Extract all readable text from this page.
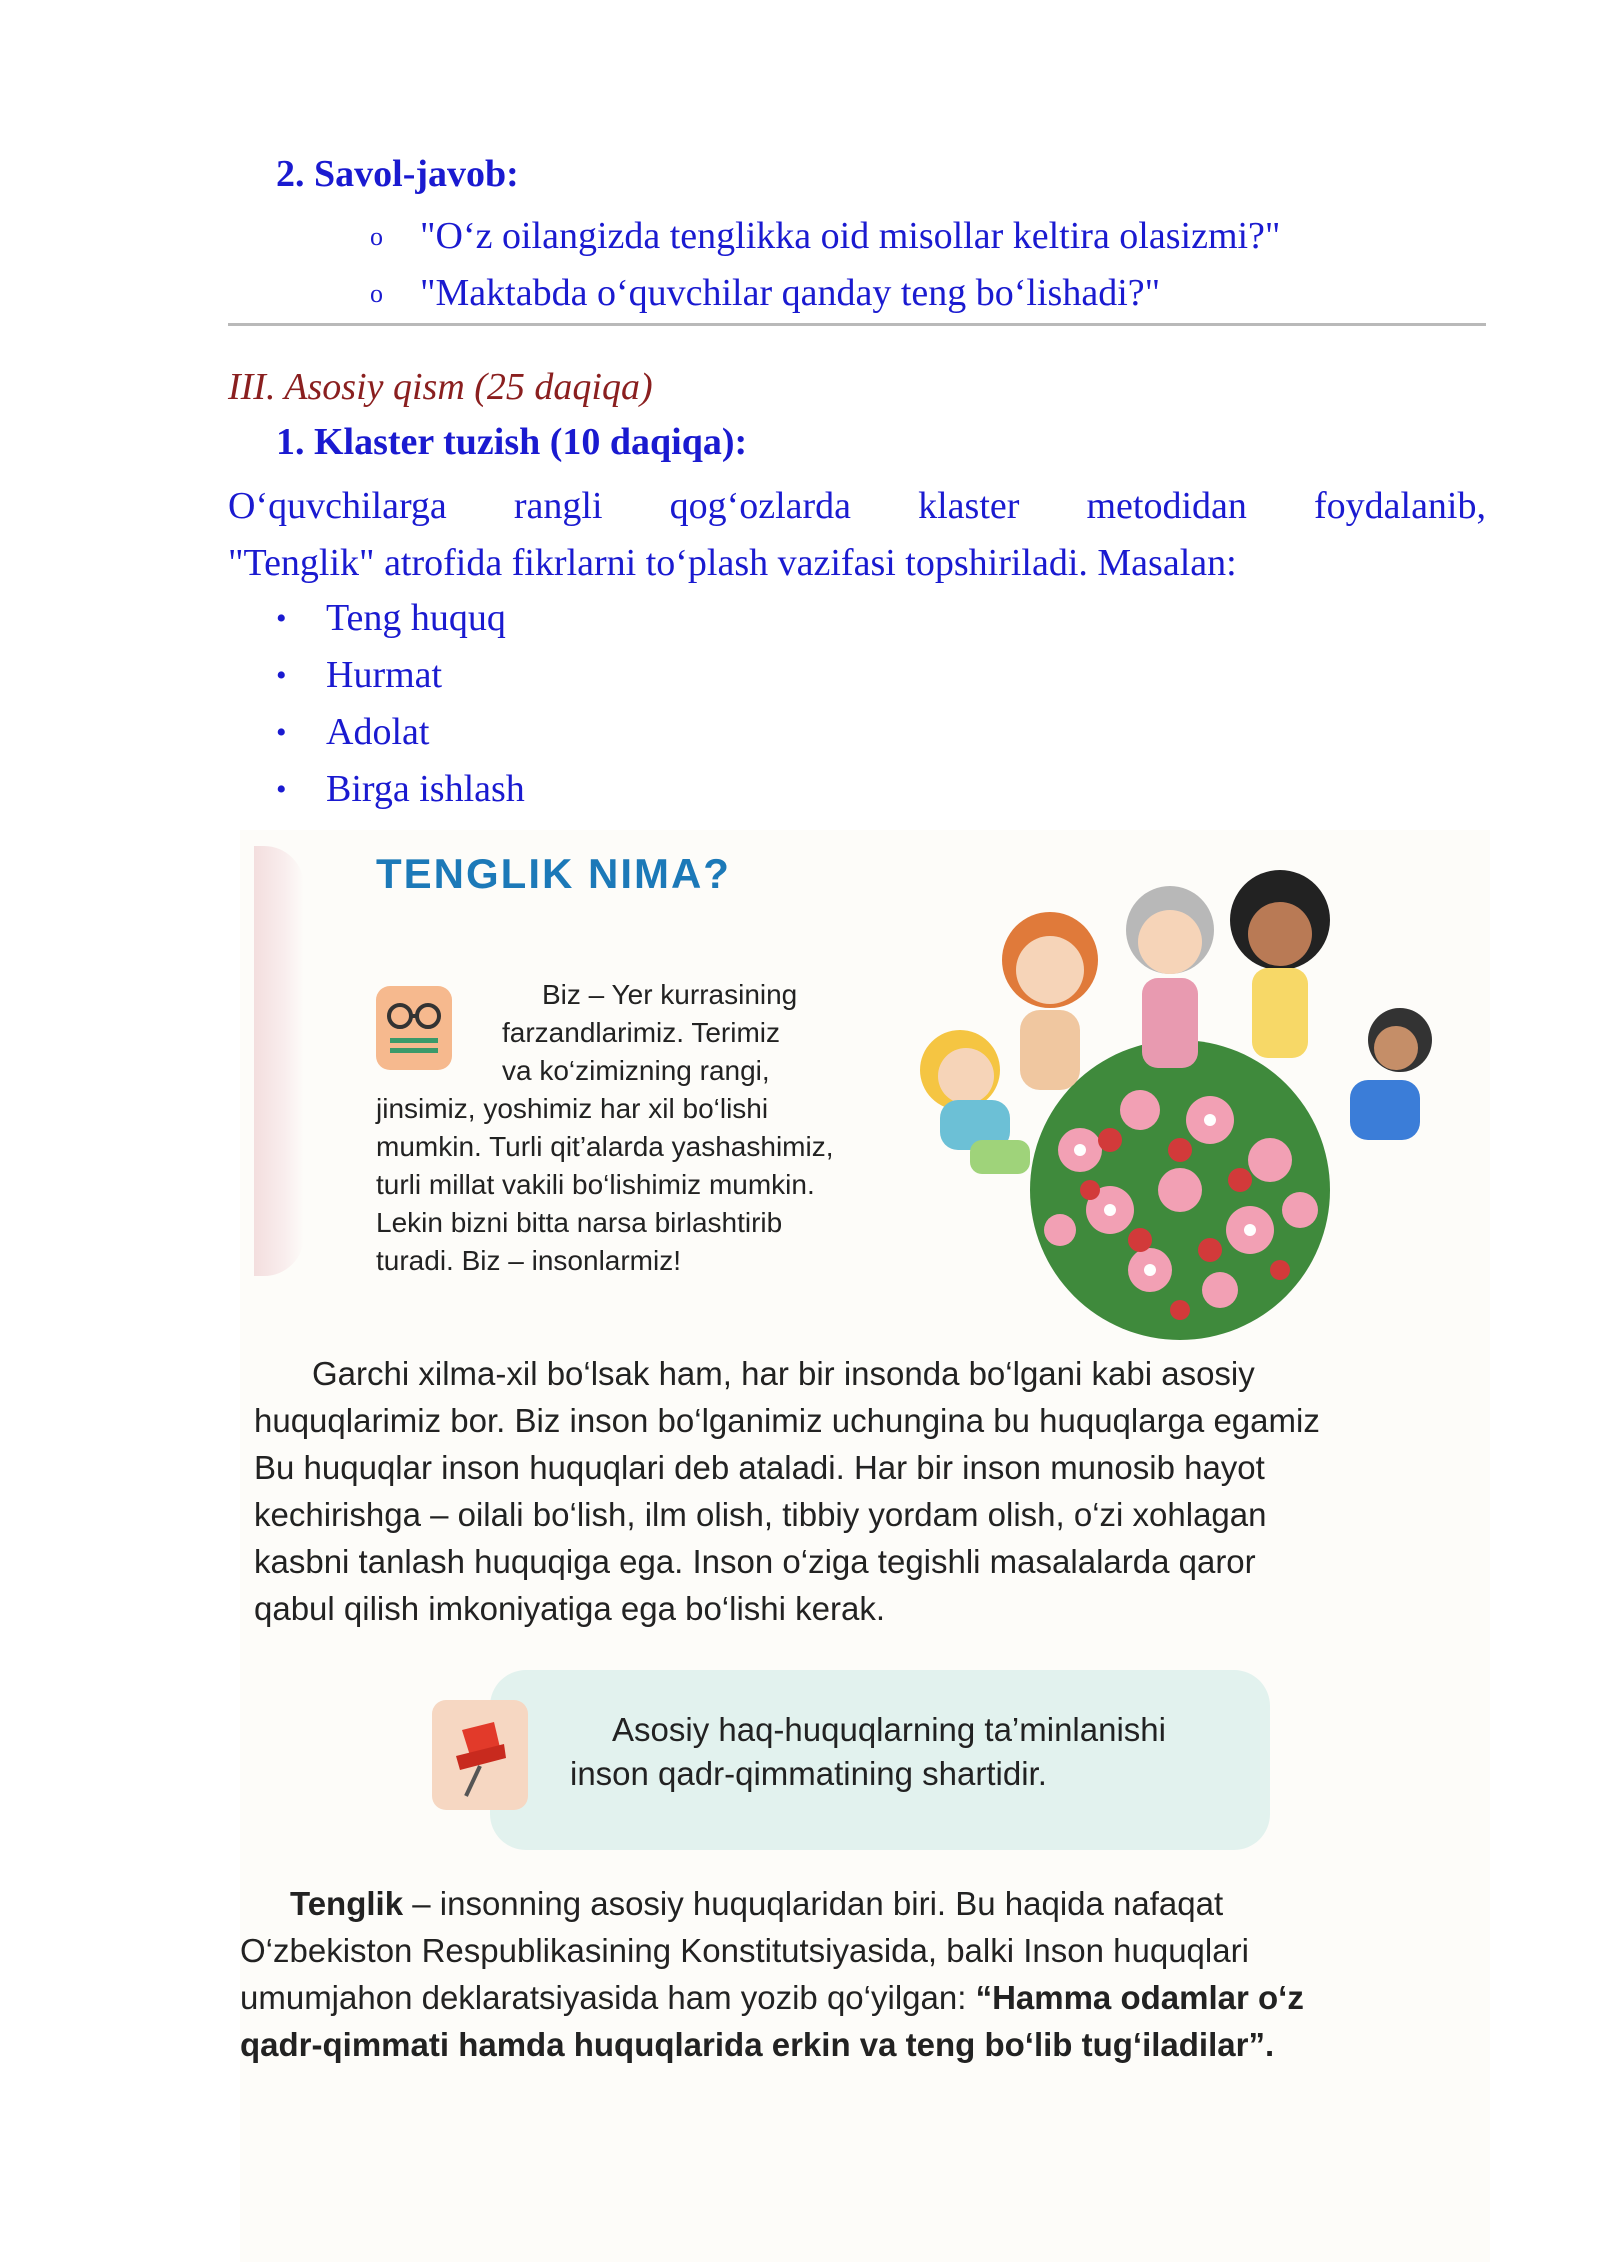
2. Savol-javob:
o "O‘z oilangizda tenglikka oid misollar keltira olasizmi?"
o "Maktabda o‘quvchilar qanday teng bo‘lishadi?"
III. Asosiy qism (25 daqiqa)
1. Klaster tuzish (10 daqiqa):
O‘quvchilarga rangli qog‘ozlarda klaster metodidan foydalanib,
"Tenglik" atrofida fikrlarni to‘plash vazifasi topshiriladi. Masalan:
• Teng huquq
• Hurmat
• Adolat
• Birga ishlash
TENGLIK NIMA?
Biz – Yer kurrasining
farzandlarimiz. Terimiz
va ko‘zimizning rangi,
jinsimiz, yoshimiz har xil bo‘lishi
mumkin. Turli qit’alarda yashashimiz,
turli millat vakili bo‘lishimiz mumkin.
Lekin bizni bitta narsa birlashtirib
turadi. Biz – insonlarmiz!
Garchi xilma-xil bo‘lsak ham, har bir insonda bo‘lgani kabi asosiy
huquqlarimiz bor. Biz inson bo‘lganimiz uchungina bu huquqlarga egamiz
Bu huquqlar inson huquqlari deb ataladi. Har bir inson munosib hayot
kechirishga – oilali bo‘lish, ilm olish, tibbiy yordam olish, o‘zi xohlagan
kasbni tanlash huquqiga ega. Inson o‘ziga tegishli masalalarda qaror
qabul qilish imkoniyatiga ega bo‘lishi kerak.
Asosiy haq-huquqlarning ta’minlanishi
inson qadr-qimmatining shartidir.
Tenglik – insonning asosiy huquqlaridan biri. Bu haqida nafaqat
O‘zbekiston Respublikasining Konstitutsiyasida, balki Inson huquqlari
umumjahon deklaratsiyasida ham yozib qo‘yilgan: “Hamma odamlar o‘z
qadr-qimmati hamda huquqlarida erkin va teng bo‘lib tug‘iladilar”.
